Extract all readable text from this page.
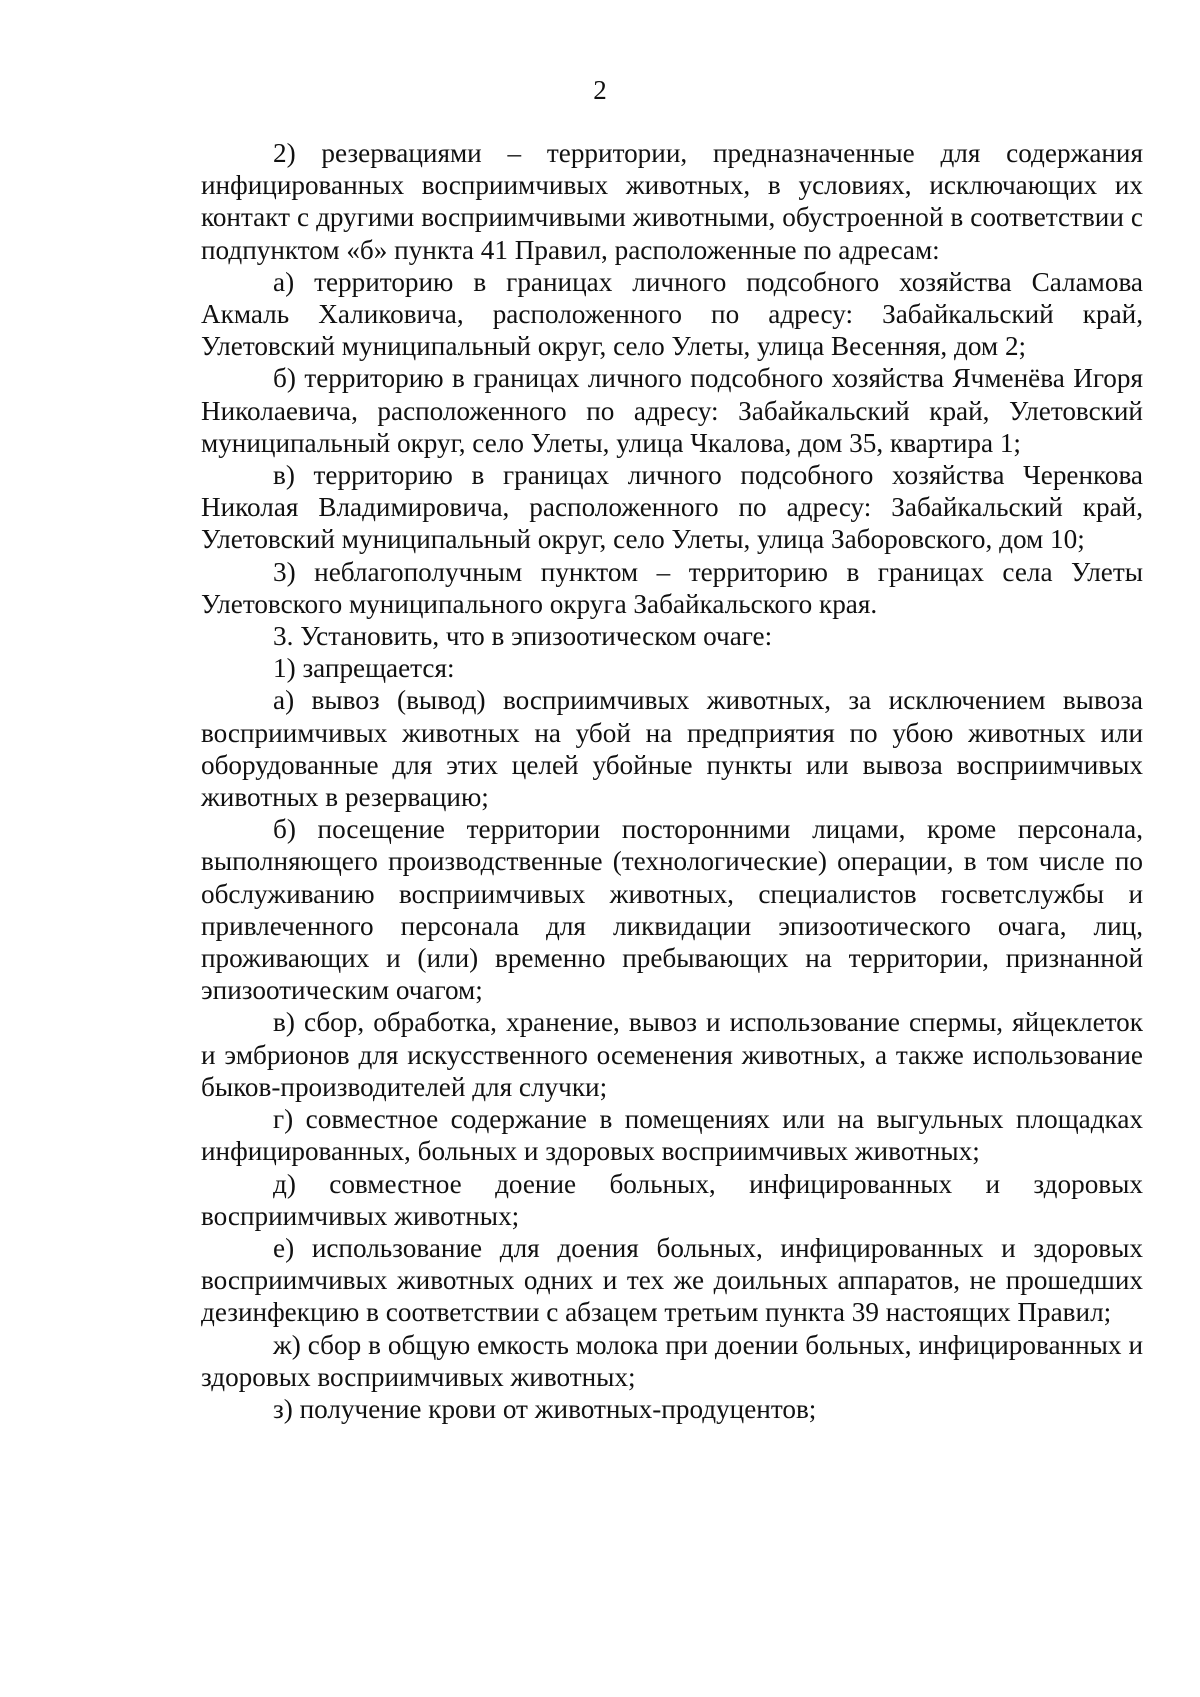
2

2) резервациями – территории, предназначенные для содержания инфицированных восприимчивых животных, в условиях, исключающих их контакт с другими восприимчивыми животными, обустроенной в соответствии с подпунктом «б» пункта 41 Правил, расположенные по адресам:

а) территорию в границах личного подсобного хозяйства Саламова Акмаль Халиковича, расположенного по адресу: Забайкальский край, Улетовский муниципальный округ, село Улеты, улица Весенняя, дом 2;

б) территорию в границах личного подсобного хозяйства Ячменёва Игоря Николаевича, расположенного по адресу: Забайкальский край, Улетовский муниципальный округ, село Улеты, улица Чкалова, дом 35, квартира 1;

в) территорию в границах личного подсобного хозяйства Черенкова Николая Владимировича, расположенного по адресу: Забайкальский край, Улетовский муниципальный округ, село Улеты, улица Заборовского, дом 10;

3) неблагополучным пунктом – территорию в границах села Улеты Улетовского муниципального округа Забайкальского края.

3. Установить, что в эпизоотическом очаге:

1) запрещается:

а) вывоз (вывод) восприимчивых животных, за исключением вывоза восприимчивых животных на убой на предприятия по убою животных или оборудованные для этих целей убойные пункты или вывоза восприимчивых животных в резервацию;

б) посещение территории посторонними лицами, кроме персонала, выполняющего производственные (технологические) операции, в том числе по обслуживанию восприимчивых животных, специалистов госветслужбы и привлеченного персонала для ликвидации эпизоотического очага, лиц, проживающих и (или) временно пребывающих на территории, признанной эпизоотическим очагом;

в) сбор, обработка, хранение, вывоз и использование спермы, яйцеклеток и эмбрионов для искусственного осеменения животных, а также использование быков-производителей для случки;

г) совместное содержание в помещениях или на выгульных площадках инфицированных, больных и здоровых восприимчивых животных;

д) совместное доение больных, инфицированных и здоровых восприимчивых животных;

е) использование для доения больных, инфицированных и здоровых восприимчивых животных одних и тех же доильных аппаратов, не прошедших дезинфекцию в соответствии с абзацем третьим пункта 39 настоящих Правил;

ж) сбор в общую емкость молока при доении больных, инфицированных и здоровых восприимчивых животных;

з) получение крови от животных-продуцентов;
